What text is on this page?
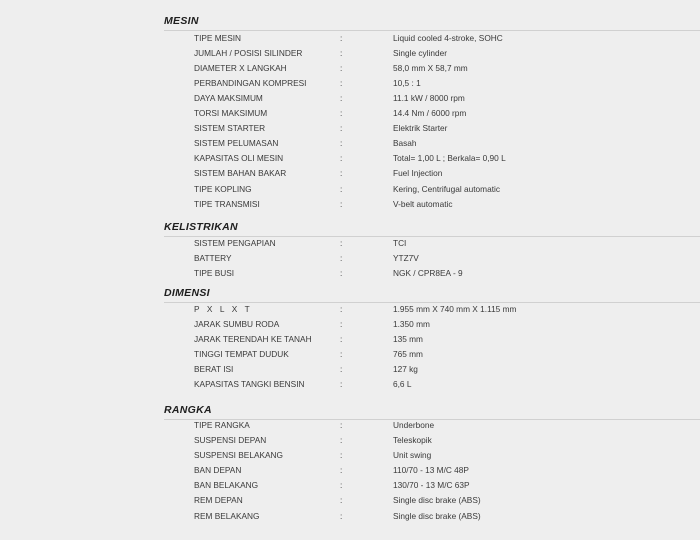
MESIN
TIPE MESIN	:	Liquid cooled 4-stroke, SOHC
JUMLAH / POSISI SILINDER	:	Single cylinder
DIAMETER X LANGKAH	:	58,0 mm X 58,7 mm
PERBANDINGAN KOMPRESI	:	10,5 : 1
DAYA MAKSIMUM	:	11.1 kW / 8000 rpm
TORSI MAKSIMUM	:	14.4 Nm / 6000 rpm
SISTEM STARTER	:	Elektrik Starter
SISTEM PELUMASAN	:	Basah
KAPASITAS OLI MESIN	:	Total= 1,00 L ; Berkala= 0,90 L
SISTEM BAHAN BAKAR	:	Fuel Injection
TIPE KOPLING	:	Kering, Centrifugal automatic
TIPE TRANSMISI	:	V-belt automatic
KELISTRIKAN
SISTEM PENGAPIAN	:	TCI
BATTERY	:	YTZ7V
TIPE BUSI	:	NGK / CPR8EA - 9
DIMENSI
P X L X T	:	1.955 mm X 740 mm X 1.115 mm
JARAK SUMBU RODA	:	1.350 mm
JARAK TERENDAH KE TANAH	:	135 mm
TINGGI TEMPAT DUDUK	:	765 mm
BERAT ISI	:	127 kg
KAPASITAS TANGKI BENSIN	:	6,6 L
RANGKA
TIPE RANGKA	:	Underbone
SUSPENSI DEPAN	:	Teleskopik
SUSPENSI BELAKANG	:	Unit swing
BAN DEPAN	:	110/70 - 13 M/C 48P
BAN BELAKANG	:	130/70 - 13 M/C 63P
REM DEPAN	:	Single disc brake (ABS)
REM BELAKANG	:	Single disc brake (ABS)
